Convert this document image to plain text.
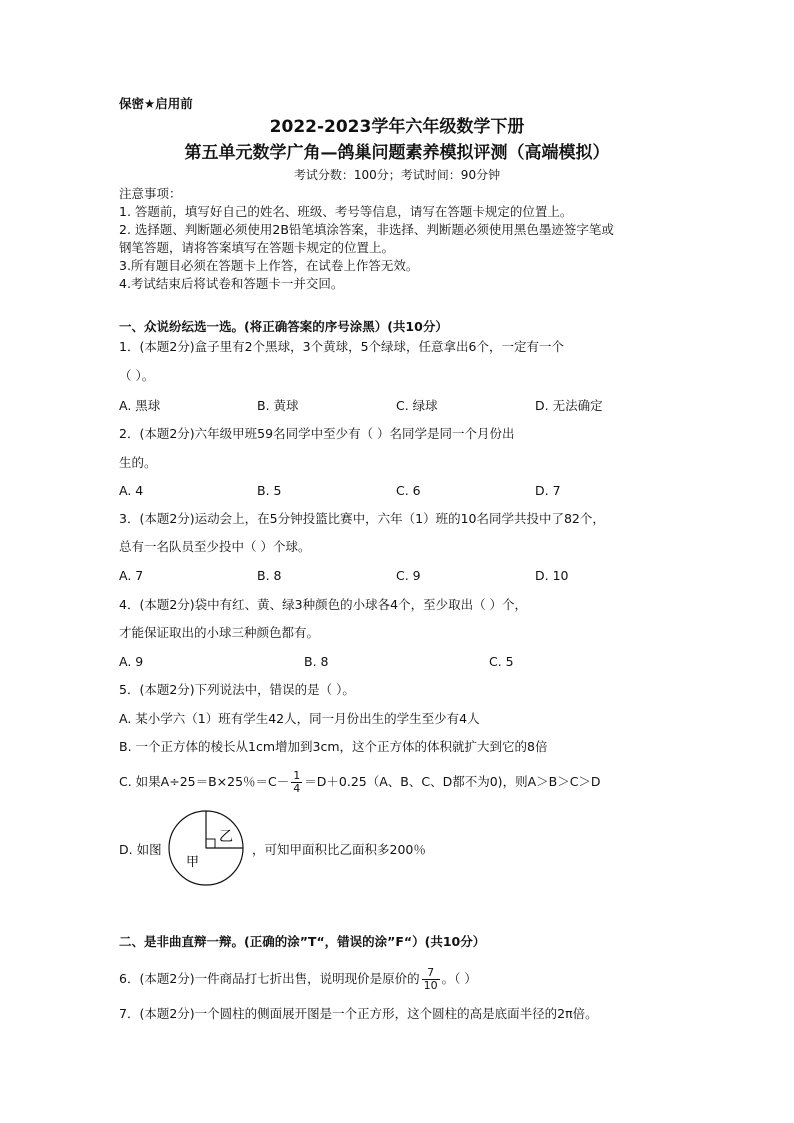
保密★启用前
2022-2023学年六年级数学下册
第五单元数学广角—鸽巢问题素养模拟评测（高端模拟）
考试分数：100分；考试时间：90分钟
注意事项：
1. 答题前，填写好自己的姓名、班级、考号等信息，请写在答题卡规定的位置上。
2. 选择题、判断题必须使用2B铅笔填涂答案，非选择、判断题必须使用黑色墨迹签字笔或
钢笔答题，请将答案填写在答题卡规定的位置上。
3.所有题目必须在答题卡上作答，在试卷上作答无效。
4.考试结束后将试卷和答题卡一并交回。
一、众说纷纭选一选。(将正确答案的序号涂黑）(共10分）
1．(本题2分)盒子里有2个黑球，3个黄球，5个绿球，任意拿出6个，一定有一个
（ ）。
A. 黑球	B. 黄球	C. 绿球	D. 无法确定
2．(本题2分)六年级甲班59名同学中至少有（ ）名同学是同一个月份出
生的。
A. 4	B. 5	C. 6	D. 7
3．(本题2分)运动会上，在5分钟投篮比赛中，六年（1）班的10名同学共投中了82个，
总有一名队员至少投中（ ）个球。
A. 7	B. 8	C. 9	D. 10
4．(本题2分)袋中有红、黄、绿3种颜色的小球各4个，至少取出（ ）个，
才能保证取出的小球三种颜色都有。
A. 9	B. 8	C. 5
5．(本题2分)下列说法中，错误的是（ ）。
A. 某小学六（1）班有学生42人，同一月份出生的学生至少有4人
B. 一个正方体的棱长从1cm增加到3cm，这个正方体的体积就扩大到它的8倍
C. 如果A÷25＝B×25％$=C- \frac{1}{4} =D+0.25(A$、B、C、D都不为0)，则A＞B＞C＞D
D. 如图
乙
甲
，可知甲面积比乙面积多200％
二、是非曲直辩一辩。(正确的涂”T“，错误的涂”F“）(共10分）
6．(本题2分)一件商品打七折出售，说明现价是原价的 $\frac{7}{10}$ 。（ ）
7．(本题2分)一个圆柱的侧面展开图是一个正方形，这个圆柱的高是底面半径的2π倍。
